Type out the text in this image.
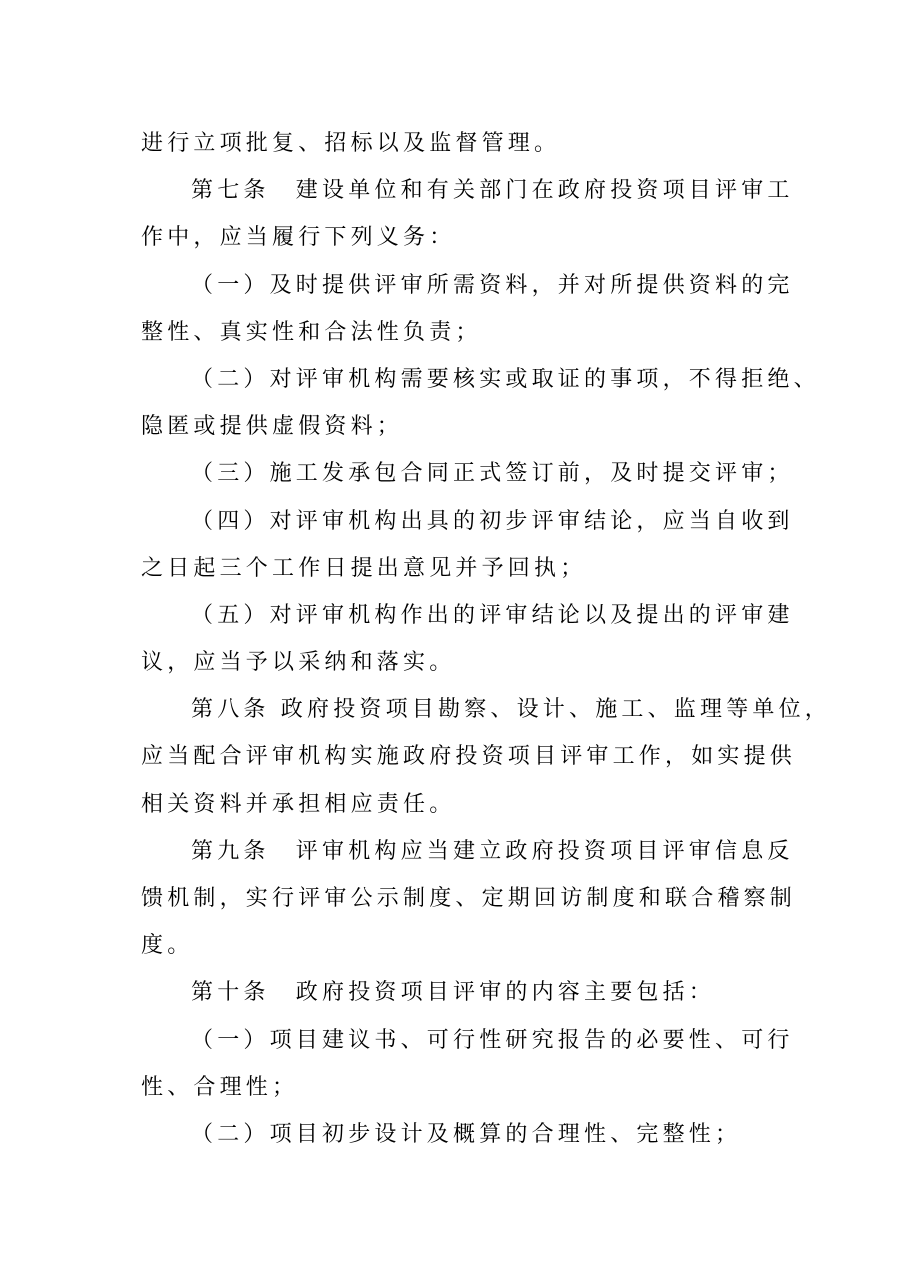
进行立项批复、招标以及监督管理。

第七条　建设单位和有关部门在政府投资项目评审工

作中，应当履行下列义务：

（一）及时提供评审所需资料，并对所提供资料的完

整性、真实性和合法性负责；

（二）对评审机构需要核实或取证的事项，不得拒绝、

隐匿或提供虚假资料；

（三）施工发承包合同正式签订前，及时提交评审；

（四）对评审机构出具的初步评审结论，应当自收到

之日起三个工作日提出意见并予回执；

（五）对评审机构作出的评审结论以及提出的评审建

议，应当予以采纳和落实。

第八条 政府投资项目勘察、设计、施工、监理等单位，

应当配合评审机构实施政府投资项目评审工作，如实提供

相关资料并承担相应责任。

第九条　评审机构应当建立政府投资项目评审信息反

馈机制，实行评审公示制度、定期回访制度和联合稽察制

度。

第十条　政府投资项目评审的内容主要包括：

（一）项目建议书、可行性研究报告的必要性、可行

性、合理性；

（二）项目初步设计及概算的合理性、完整性；
